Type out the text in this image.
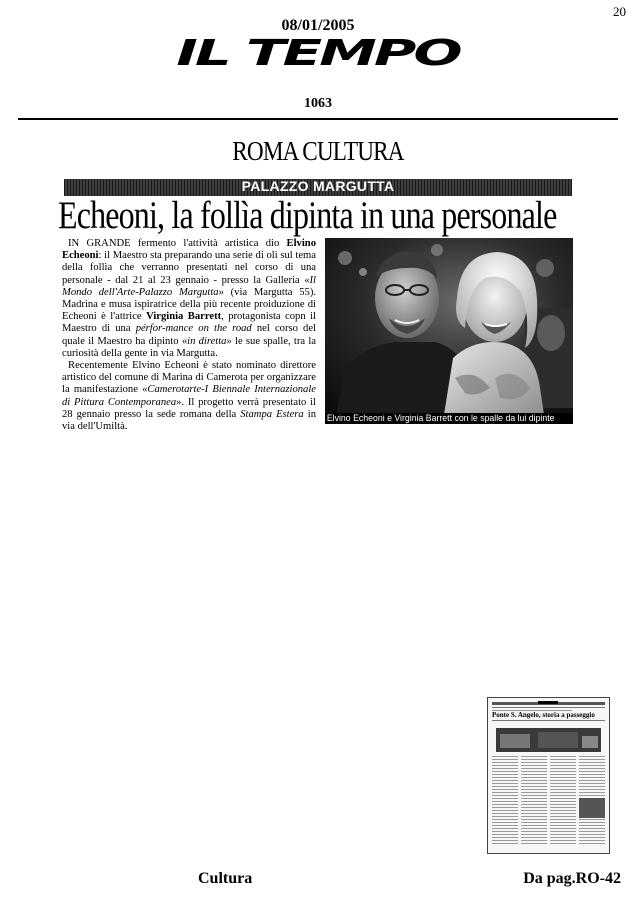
20
08/01/2005
IL TEMPO
1063
ROMA CULTURA
PALAZZO MARGUTTA
Echeoni, la follìa dipinta in una personale

IN GRANDE fermento l'attività artistica dio Elvino Echeoni: il Maestro sta preparando una serie di oli sul tema della follìa che verranno presentati nel corso di una personale - dal 21 al 23 gennaio - presso la Galleria «Il Mondo dell'Arte-Palazzo Margutta» (via Margutta 55). Madrina e musa ispiratrice della più recente proiduzione di Echeoni è l'attrice Virginia Barrett, protagonista copn il Maestro di una pérfor-mance on the road nel corso del quale il Maestro ha dipinto «in diretta» le sue spalle, tra la curiosità della gente in via Margutta.

Recentemente Elvino Echeoni è stato nominato direttore artistico del comune di Marina di Camerota per organizzare la manifestazione «Camerotarte-I Biennale Internazionale di Pittura Contemporanea». Il progetto verrà presentato il 28 gennaio presso la sede romana della Stampa Estera in via dell'Umiltà.

Elvino Echeoni e Virginia Barrett con le spalle da lui dipinte
Ponte S. Angelo, storia a passeggio
Cultura	Da pag.RO-42
